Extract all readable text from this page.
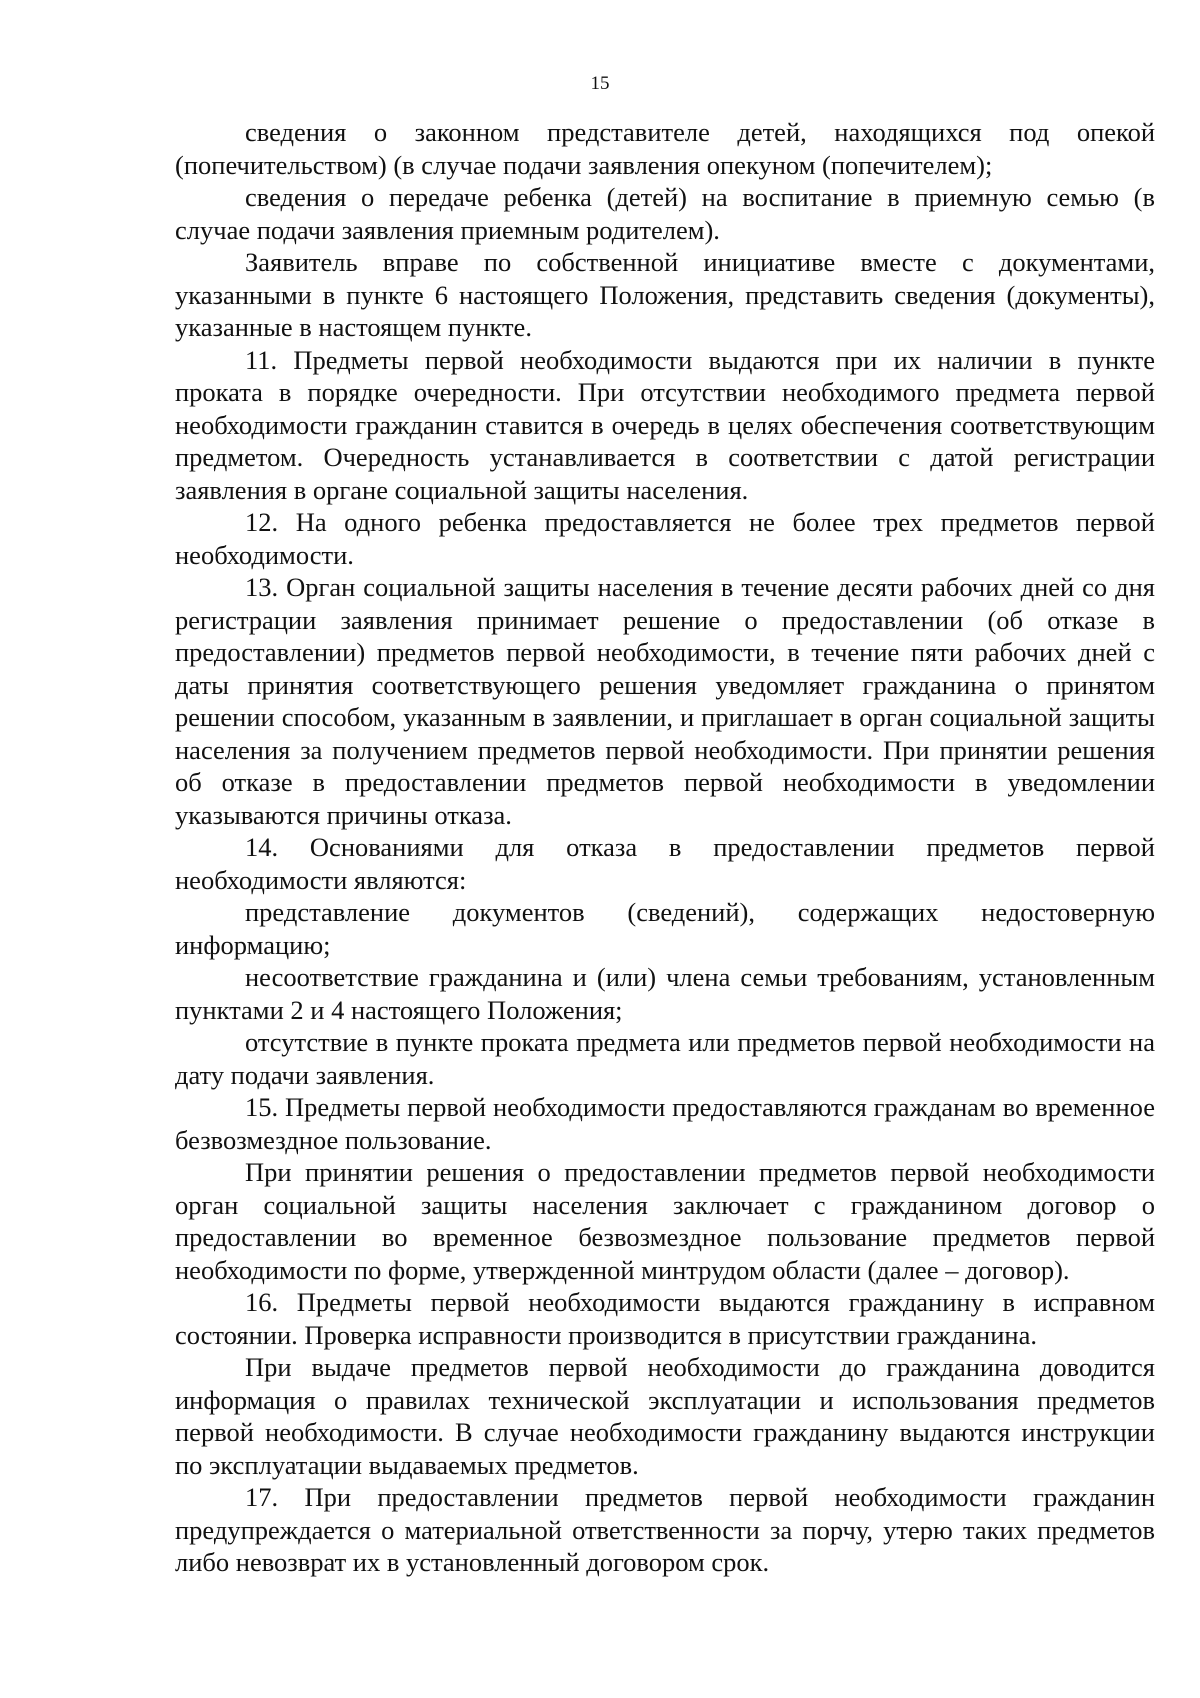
15

сведения о законном представителе детей, находящихся под опекой (попечительством) (в случае подачи заявления опекуном (попечителем);

сведения о передаче ребенка (детей) на воспитание в приемную семью (в случае подачи заявления приемным родителем).

Заявитель вправе по собственной инициативе вместе с документами, указанными в пункте 6 настоящего Положения, представить сведения (документы), указанные в настоящем пункте.

11. Предметы первой необходимости выдаются при их наличии в пункте проката в порядке очередности. При отсутствии необходимого предмета первой необходимости гражданин ставится в очередь в целях обеспечения соответствующим предметом. Очередность устанавливается в соответствии с датой регистрации заявления в органе социальной защиты населения.

12. На одного ребенка предоставляется не более трех предметов первой необходимости.

13. Орган социальной защиты населения в течение десяти рабочих дней со дня регистрации заявления принимает решение о предоставлении (об отказе в предоставлении) предметов первой необходимости, в течение пяти рабочих дней с даты принятия соответствующего решения уведомляет гражданина о принятом решении способом, указанным в заявлении, и приглашает в орган социальной защиты населения за получением предметов первой необходимости. При принятии решения об отказе в предоставлении предметов первой необходимости в уведомлении указываются причины отказа.

14. Основаниями для отказа в предоставлении предметов первой необходимости являются:

представление документов (сведений), содержащих недостоверную информацию;

несоответствие гражданина и (или) члена семьи требованиям, установленным пунктами 2 и 4 настоящего Положения;

отсутствие в пункте проката предмета или предметов первой необходимости на дату подачи заявления.

15. Предметы первой необходимости предоставляются гражданам во временное безвозмездное пользование.

При принятии решения о предоставлении предметов первой необходимости орган социальной защиты населения заключает с гражданином договор о предоставлении во временное безвозмездное пользование предметов первой необходимости по форме, утвержденной минтрудом области (далее – договор).

16. Предметы первой необходимости выдаются гражданину в исправном состоянии. Проверка исправности производится в присутствии гражданина.

При выдаче предметов первой необходимости до гражданина доводится информация о правилах технической эксплуатации и использования предметов первой необходимости. В случае необходимости гражданину выдаются инструкции по эксплуатации выдаваемых предметов.

17. При предоставлении предметов первой необходимости гражданин предупреждается о материальной ответственности за порчу, утерю таких предметов либо невозврат их в установленный договором срок.
